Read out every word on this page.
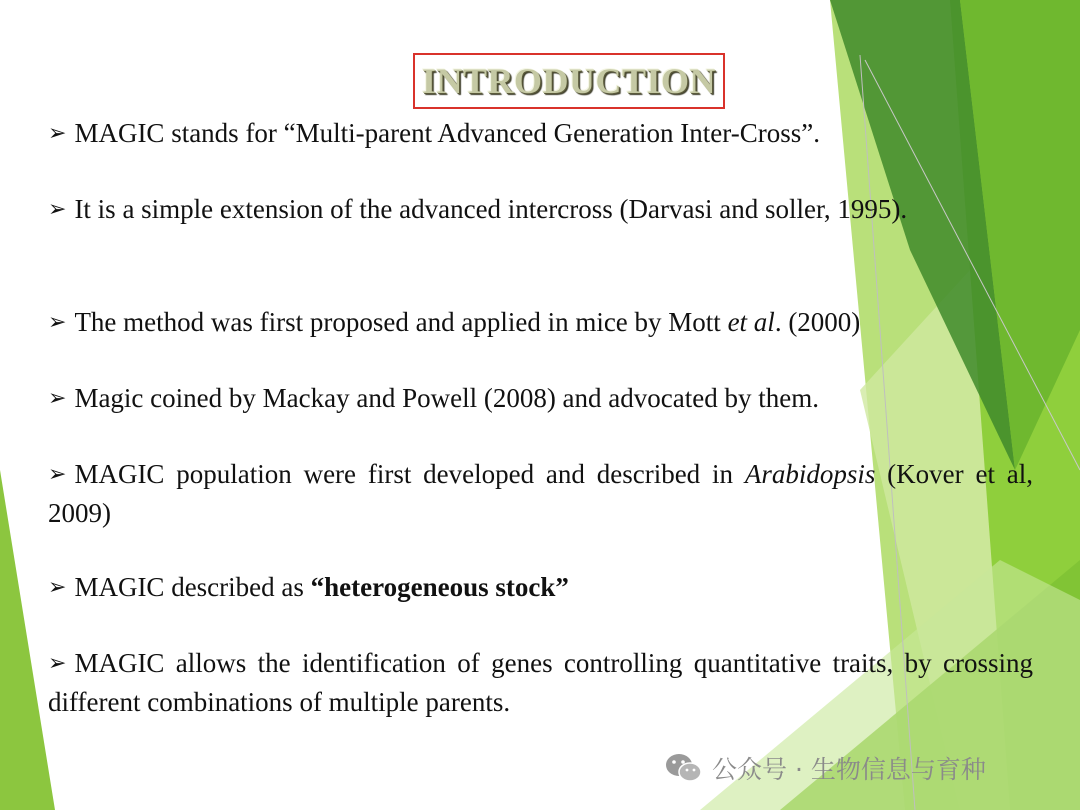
INTRODUCTION
➢ MAGIC stands for “Multi-parent Advanced Generation Inter-Cross”.
➢ It is a simple extension of the advanced intercross (Darvasi and soller, 1995).
➢ The method was first proposed and applied in mice by Mott et al. (2000)
➢ Magic coined by Mackay and Powell (2008) and advocated by them.
➢ MAGIC population were first developed and described in Arabidopsis (Kover et al, 2009)
➢ MAGIC described as “heterogeneous stock”
➢ MAGIC allows the identification of genes controlling quantitative traits, by crossing different combinations of multiple parents.
公众号 · 生物信息与育种
